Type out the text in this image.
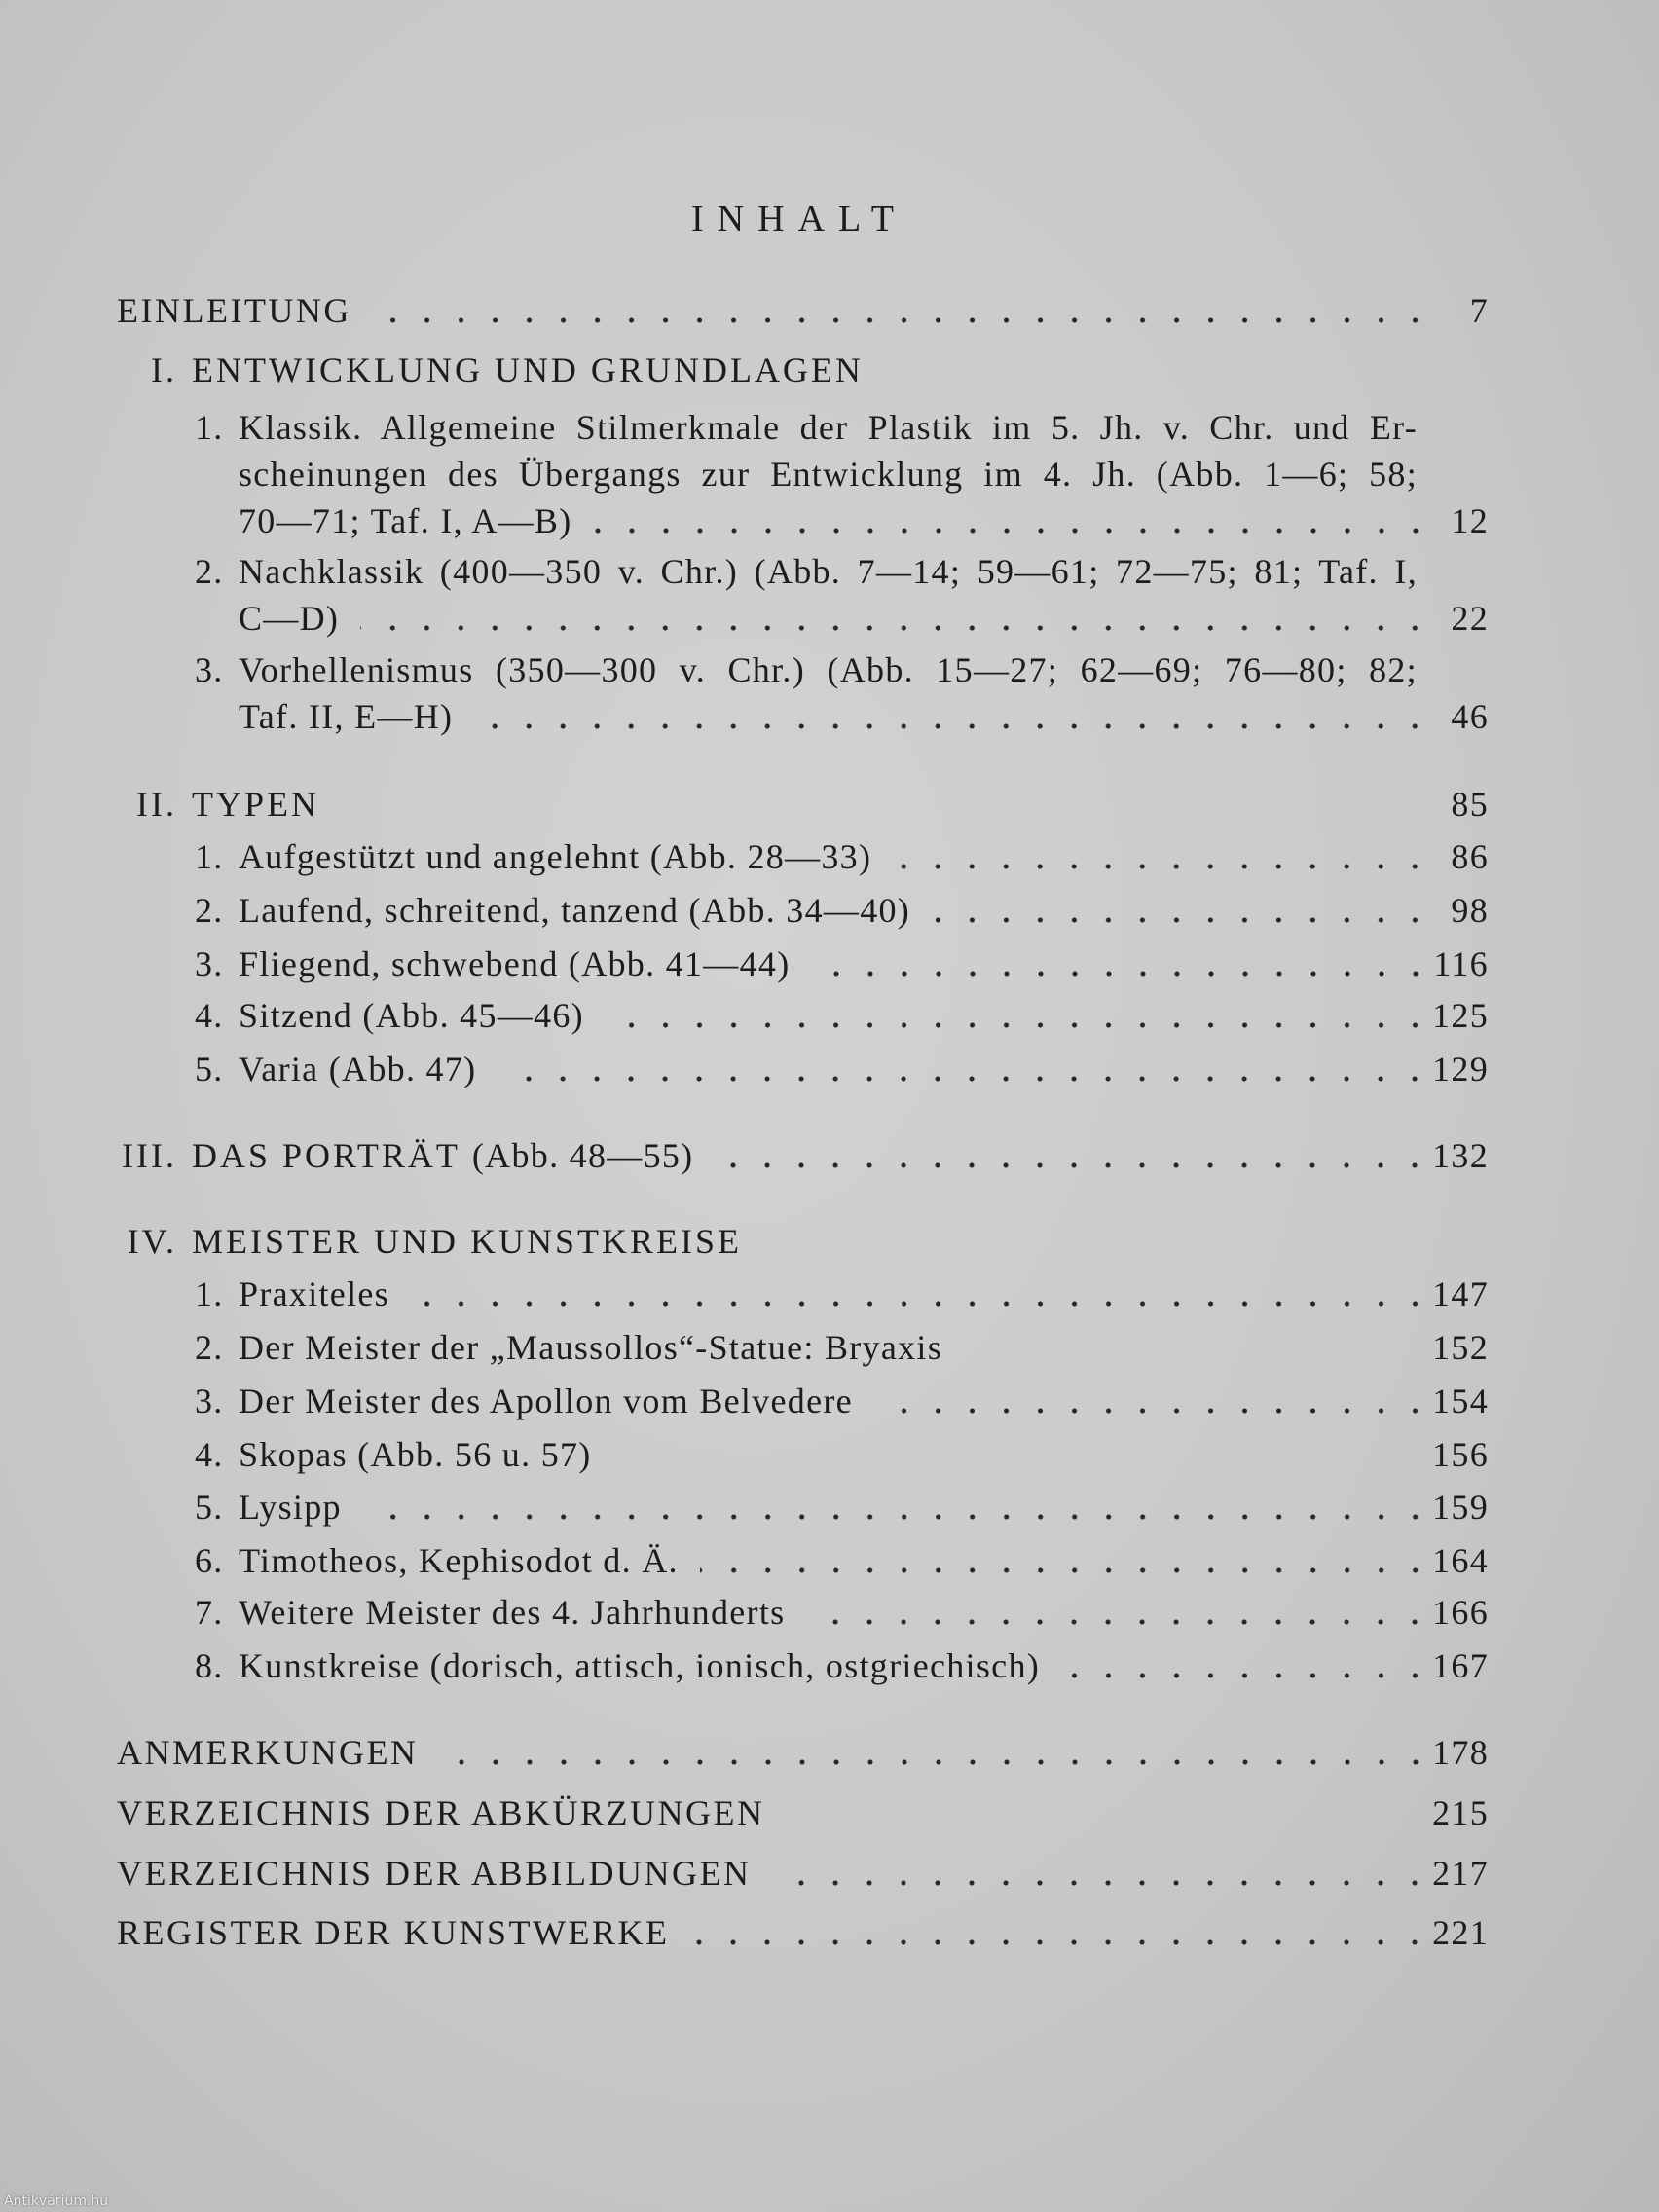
INHALT
EINLEITUNG	7
I. ENTWICKLUNG UND GRUNDLAGEN
1. Klassik. Allgemeine Stilmerkmale der Plastik im 5. Jh. v. Chr. und Er-
scheinungen des Übergangs zur Entwicklung im 4. Jh. (Abb. 1—6; 58;
70—71; Taf. I, A—B)	12
2. Nachklassik (400—350 v. Chr.) (Abb. 7—14; 59—61; 72—75; 81; Taf. I,
C—D)	22
3. Vorhellenismus (350—300 v. Chr.) (Abb. 15—27; 62—69; 76—80; 82;
Taf. II, E—H)	46
II. TYPEN	85
1. Aufgestützt und angelehnt (Abb. 28—33)	86
2. Laufend, schreitend, tanzend (Abb. 34—40)	98
3. Fliegend, schwebend (Abb. 41—44)	116
4. Sitzend (Abb. 45—46)	125
5. Varia (Abb. 47)	129
III. DAS PORTRÄT (Abb. 48—55)	132
IV. MEISTER UND KUNSTKREISE
1. Praxiteles	147
2. Der Meister der „Maussollos“-Statue: Bryaxis	152
3. Der Meister des Apollon vom Belvedere	154
4. Skopas (Abb. 56 u. 57)	156
5. Lysipp	159
6. Timotheos, Kephisodot d. Ä.	164
7. Weitere Meister des 4. Jahrhunderts	166
8. Kunstkreise (dorisch, attisch, ionisch, ostgriechisch)	167
ANMERKUNGEN	178
VERZEICHNIS DER ABKÜRZUNGEN	215
VERZEICHNIS DER ABBILDUNGEN	217
REGISTER DER KUNSTWERKE	221
Antikvárium.hu
